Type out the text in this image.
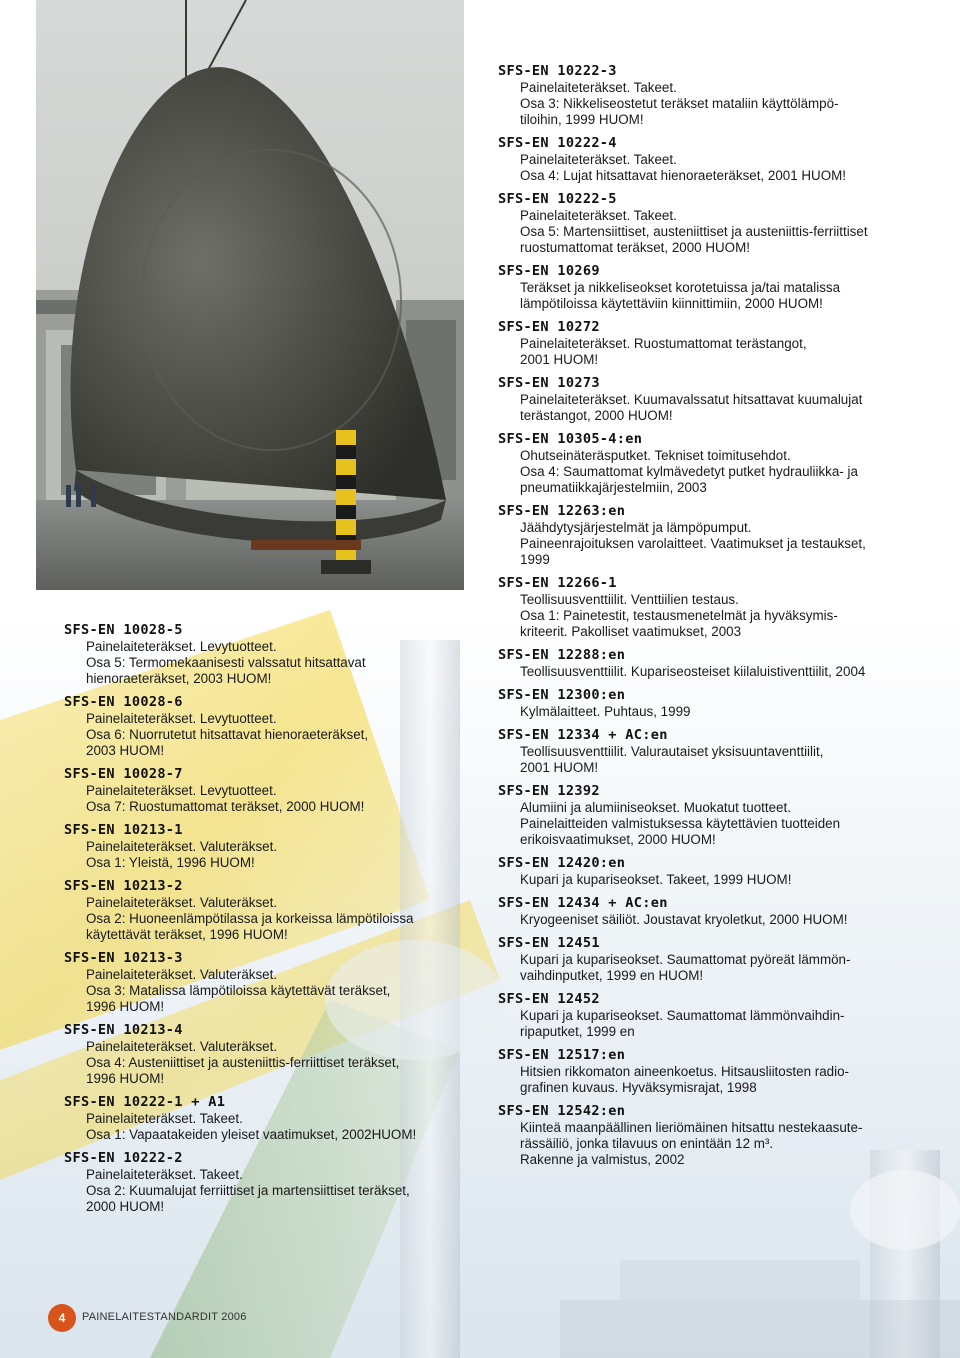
SFS-EN 10028-5
Painelaiteteräkset. Levytuotteet.
Osa 5: Termomekaanisesti valssatut hitsattavat
hienoraeteräkset, 2003 HUOM!
SFS-EN 10028-6
Painelaiteteräkset. Levytuotteet.
Osa 6: Nuorrutetut hitsattavat hienoraeteräkset,
2003 HUOM!
SFS-EN 10028-7
Painelaiteteräkset. Levytuotteet.
Osa 7: Ruostumattomat teräkset, 2000 HUOM!
SFS-EN 10213-1
Painelaiteteräkset. Valuteräkset.
Osa 1: Yleistä, 1996 HUOM!
SFS-EN 10213-2
Painelaiteteräkset. Valuteräkset.
Osa 2: Huoneenlämpötilassa ja korkeissa lämpötiloissa
käytettävät teräkset, 1996 HUOM!
SFS-EN 10213-3
Painelaiteteräkset. Valuteräkset.
Osa 3: Matalissa lämpötiloissa käytettävät teräkset,
1996 HUOM!
SFS-EN 10213-4
Painelaiteteräkset. Valuteräkset.
Osa 4: Austeniittiset ja austeniittis-ferriittiset teräkset,
1996 HUOM!
SFS-EN 10222-1 + A1
Painelaiteteräkset. Takeet.
Osa 1: Vapaatakeiden yleiset vaatimukset, 2002HUOM!
SFS-EN 10222-2
Painelaiteteräkset. Takeet.
Osa 2: Kuumalujat ferriittiset ja martensiittiset teräkset,
2000 HUOM!
SFS-EN 10222-3
Painelaiteteräkset. Takeet.
Osa 3: Nikkeliseostetut teräkset mataliin käyttölämpö-
tiloihin, 1999 HUOM!
SFS-EN 10222-4
Painelaiteteräkset. Takeet.
Osa 4: Lujat hitsattavat hienoraeteräkset, 2001 HUOM!
SFS-EN 10222-5
Painelaiteteräkset. Takeet.
Osa 5: Martensiittiset, austeniittiset ja austeniittis-ferriittiset
ruostumattomat teräkset, 2000 HUOM!
SFS-EN 10269
Teräkset ja nikkeliseokset korotetuissa ja/tai matalissa
lämpötiloissa käytettäviin kiinnittimiin, 2000 HUOM!
SFS-EN 10272
Painelaiteteräkset. Ruostumattomat terästangot,
2001 HUOM!
SFS-EN 10273
Painelaiteteräkset. Kuumavalssatut hitsattavat kuumalujat
terästangot, 2000 HUOM!
SFS-EN 10305-4:en
Ohutseinäteräsputket. Tekniset toimitusehdot.
Osa 4: Saumattomat kylmävedetyt putket hydrauliikka- ja
pneumatiikkajärjestelmiin, 2003
SFS-EN 12263:en
Jäähdytysjärjestelmät ja lämpöpumput.
Paineenrajoituksen varolaitteet. Vaatimukset ja testaukset,
1999
SFS-EN 12266-1
Teollisuusventtiilit. Venttiilien testaus.
Osa 1: Painetestit, testausmenetelmät ja hyväksymis-
kriteerit. Pakolliset vaatimukset, 2003
SFS-EN 12288:en
Teollisuusventtiilit. Kupariseosteiset kiilaluistiventtiilit, 2004
SFS-EN 12300:en
Kylmälaitteet. Puhtaus, 1999
SFS-EN 12334 + AC:en
Teollisuusventtiilit. Valurautaiset yksisuuntaventtiilit,
2001 HUOM!
SFS-EN 12392
Alumiini ja alumiiniseokset. Muokatut tuotteet.
Painelaitteiden valmistuksessa käytettävien tuotteiden
erikoisvaatimukset, 2000 HUOM!
SFS-EN 12420:en
Kupari ja kupariseokset. Takeet, 1999 HUOM!
SFS-EN 12434 + AC:en
Kryogeeniset säiliöt. Joustavat kryoletkut, 2000 HUOM!
SFS-EN 12451
Kupari ja kupariseokset. Saumattomat pyöreät lämmön-
vaihdinputket, 1999 en HUOM!
SFS-EN 12452
Kupari ja kupariseokset. Saumattomat lämmönvaihdin-
ripaputket, 1999 en
SFS-EN 12517:en
Hitsien rikkomaton aineenkoetus. Hitsausliitosten radio-
grafinen kuvaus. Hyväksymisrajat, 1998
SFS-EN 12542:en
Kiinteä maanpäällinen lieriömäinen hitsattu nestekaasute-
rässäiliö, jonka tilavuus on enintään 12 m³.
Rakenne ja valmistus, 2002
4	PAINELAITESTANDARDIT 2006
